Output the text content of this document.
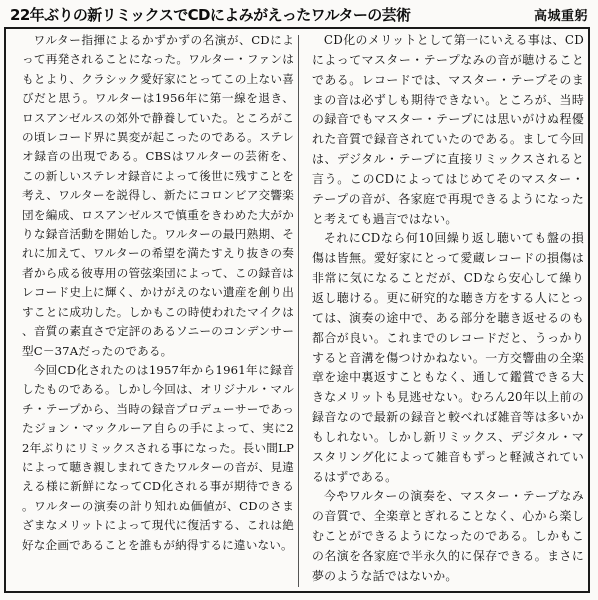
22年ぶりの新リミックスでCDによみがえったワルターの芸術	高城重躬

ワルター指揮によるかずかずの名演が、CDによって再発されることになった。ワルター・ファンはもとより、クラシック愛好家にとってこの上ない喜びだと思う。ワルターは1956年に第一線を退き、ロスアンゼルスの郊外で静養していた。ところがこの頃レコード界に異変が起こったのである。ステレオ録音の出現である。CBSはワルターの芸術を、この新しいステレオ録音によって後世に残すことを考え、ワルターを説得し、新たにコロンビア交響楽団を編成、ロスアンゼルスで慎重をきわめた大がかりな録音活動を開始した。ワルターの最円熟期、それに加えて、ワルターの希望を満たすえり抜きの奏者から成る彼専用の管弦楽団によって、この録音はレコード史上に輝く、かけがえのない遺産を創り出すことに成功した。しかもこの時使われたマイクは、音質の素直さで定評のあるソニーのコンデンサー型C－37Aだったのである。

今回CD化されたのは1957年から1961年に録音したものである。しかし今回は、オリジナル・マルチ・テープから、当時の録音プロデューサーであったジョン・マックルーア自らの手によって、実に22年ぶりにリミックスされる事になった。長い間LPによって聴き親しまれてきたワルターの音が、見違える様に新鮮になってCD化される事が期待できる。ワルターの演奏の計り知れぬ価値が、CDのさまざまなメリットによって現代に復活する、これは絶好な企画であることを誰もが納得するに違いない。

CD化のメリットとして第一にいえる事は、CDによってマスター・テープなみの音が聴けることである。レコードでは、マスター・テープそのままの音は必ずしも期待できない。ところが、当時の録音でもマスター・テープには思いがけぬ程優れた音質で録音されていたのである。まして今回は、デジタル・テープに直接リミックスされると言う。このCDによってはじめてそのマスター・テープの音が、各家庭で再現できるようになったと考えても過言ではない。

それにCDなら何10回繰り返し聴いても盤の損傷は皆無。愛好家にとって愛蔵レコードの損傷は非常に気になることだが、CDなら安心して繰り返し聴ける。更に研究的な聴き方をする人にとっては、演奏の途中で、ある部分を聴き返せるのも都合が良い。これまでのレコードだと、うっかりすると音溝を傷つけかねない。一方交響曲の全楽章を途中裏返すこともなく、通して鑑賞できる大きなメリットも見逃せない。むろん20年以上前の録音なので最新の録音と較べれば雑音等は多いかもしれない。しかし新リミックス、デジタル・マスタリング化によって雑音もずっと軽減されているはずである。

今やワルターの演奏を、マスター・テープなみの音質で、全楽章とぎれることなく、心から楽しむことができるようになったのである。しかもこの名演を各家庭で半永久的に保存できる。まさに夢のような話ではないか。
